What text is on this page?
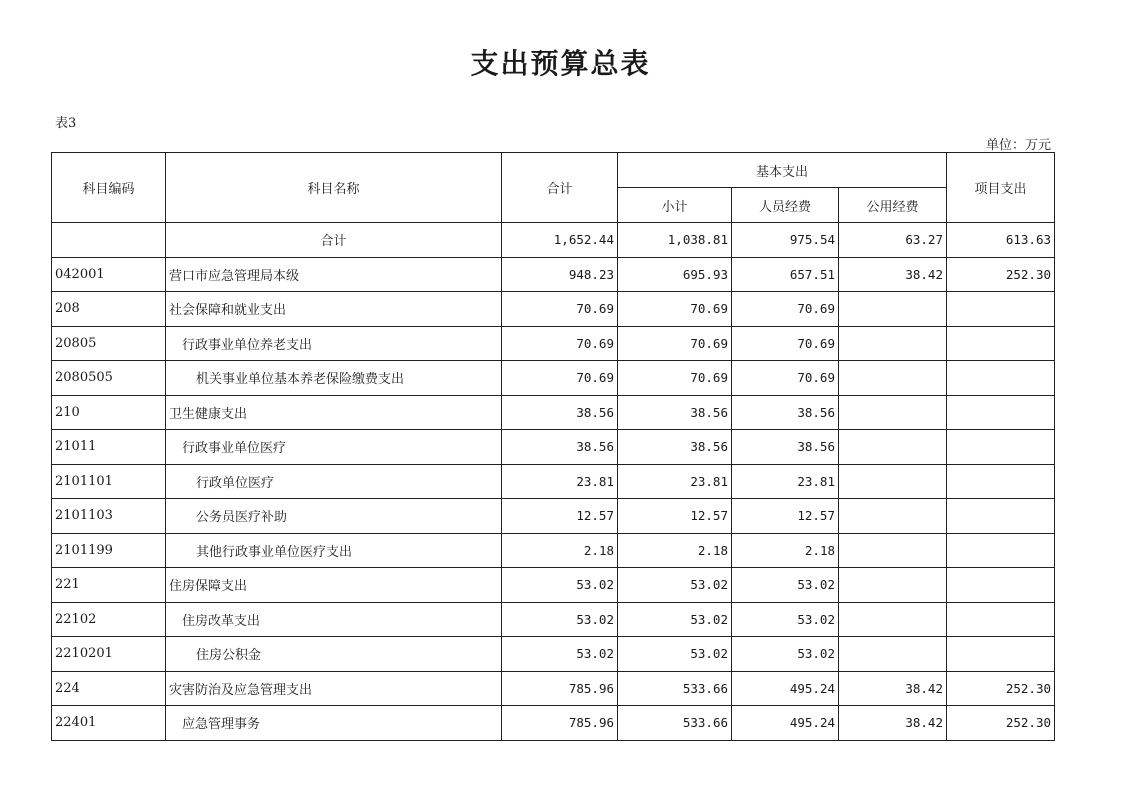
支出预算总表
表3
单位：万元
科目编码	科目名称	合计	基本支出			项目支出
			小计	人员经费	公用经费	
	合计	1,652.44	1,038.81	975.54	63.27	613.63
042001	营口市应急管理局本级	948.23	695.93	657.51	38.42	252.30
208	社会保障和就业支出	70.69	70.69	70.69		
20805	行政事业单位养老支出	70.69	70.69	70.69		
2080505	机关事业单位基本养老保险缴费支出	70.69	70.69	70.69		
210	卫生健康支出	38.56	38.56	38.56		
21011	行政事业单位医疗	38.56	38.56	38.56		
2101101	行政单位医疗	23.81	23.81	23.81		
2101103	公务员医疗补助	12.57	12.57	12.57		
2101199	其他行政事业单位医疗支出	2.18	2.18	2.18		
221	住房保障支出	53.02	53.02	53.02		
22102	住房改革支出	53.02	53.02	53.02		
2210201	住房公积金	53.02	53.02	53.02		
224	灾害防治及应急管理支出	785.96	533.66	495.24	38.42	252.30
22401	应急管理事务	785.96	533.66	495.24	38.42	252.30
